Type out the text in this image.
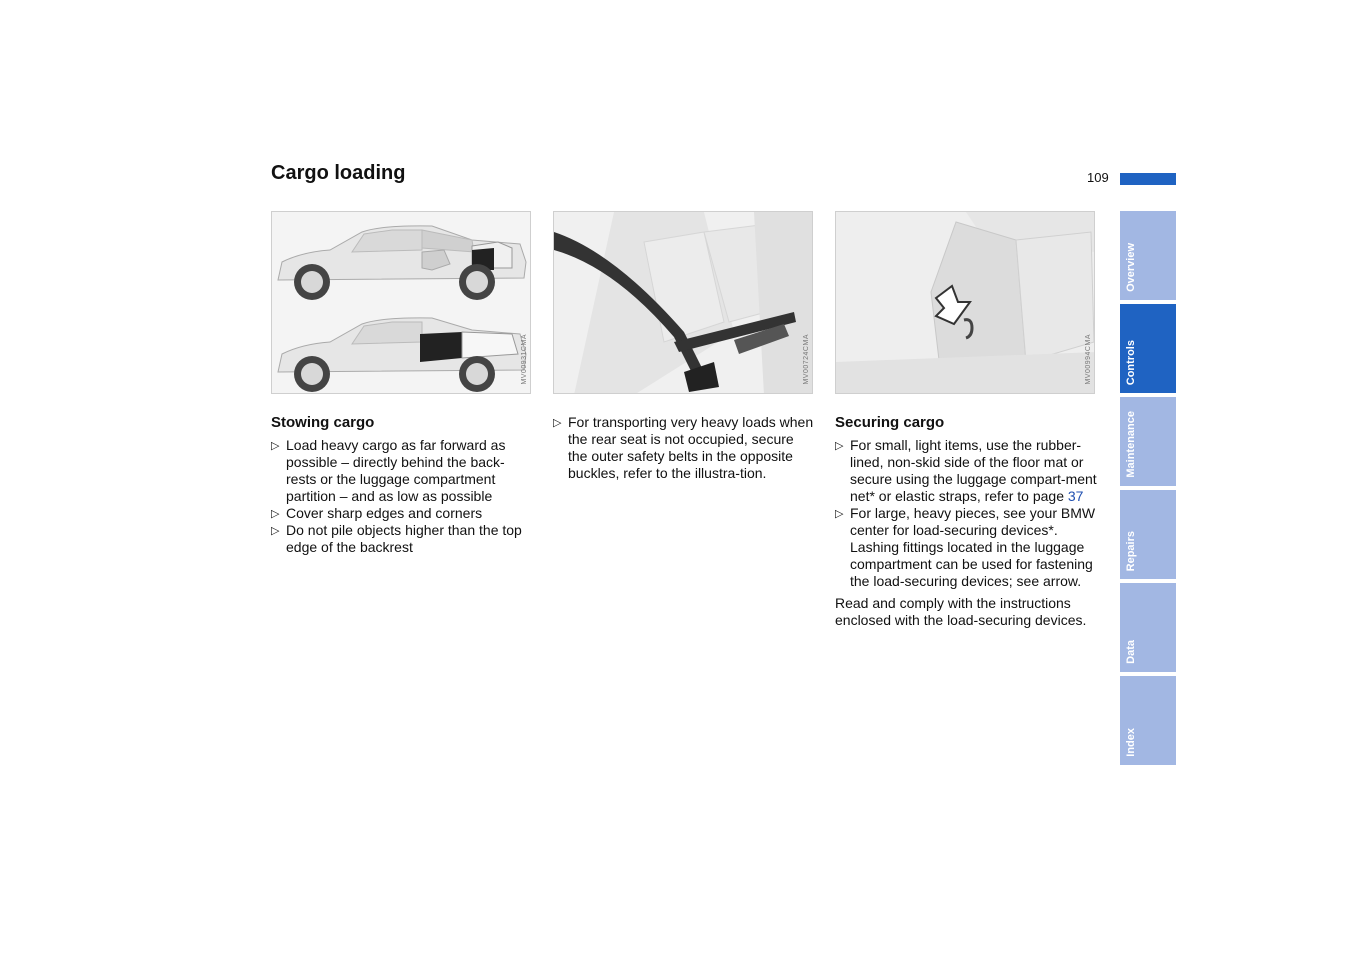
Cargo loading	109
MV00931CMA	MV00724CMA	MV00994CMA
Stowing cargo
▷ Load heavy cargo as far forward as possible – directly behind the back-rests or the luggage compartment partition – and as low as possible
▷ Cover sharp edges and corners
▷ Do not pile objects higher than the top edge of the backrest
▷ For transporting very heavy loads when the rear seat is not occupied, secure the outer safety belts in the opposite buckles, refer to the illustra-tion.
Securing cargo
▷ For small, light items, use the rubber-lined, non-skid side of the floor mat or secure using the luggage compart-ment net* or elastic straps, refer to page 37
▷ For large, heavy pieces, see your BMW center for load-securing devices*. Lashing fittings located in the luggage compartment can be used for fastening the load-securing devices; see arrow.

Read and comply with the instructions enclosed with the load-securing devices.

Overview
Controls
Maintenance
Repairs
Data
Index
